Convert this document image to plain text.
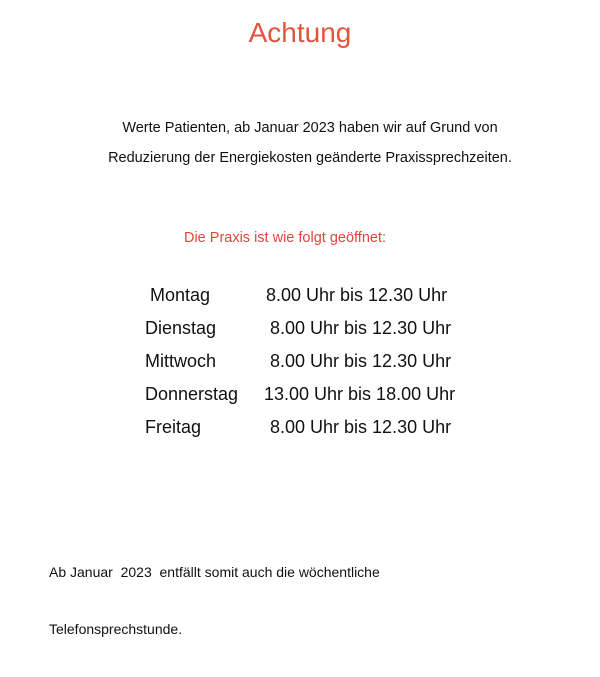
Achtung
Werte Patienten, ab Januar 2023 haben wir auf Grund von
Reduzierung der Energiekosten geänderte Praxissprechzeiten.
Die Praxis ist wie folgt geöffnet:
Montag	8.00 Uhr bis 12.30 Uhr
Dienstag	8.00 Uhr bis 12.30 Uhr
Mittwoch	8.00 Uhr bis 12.30 Uhr
Donnerstag 13.00 Uhr bis 18.00 Uhr
Freitag	8.00 Uhr bis 12.30 Uhr

Ab Januar  2023  entfällt somit auch die wöchentliche

Telefonsprechstunde.
